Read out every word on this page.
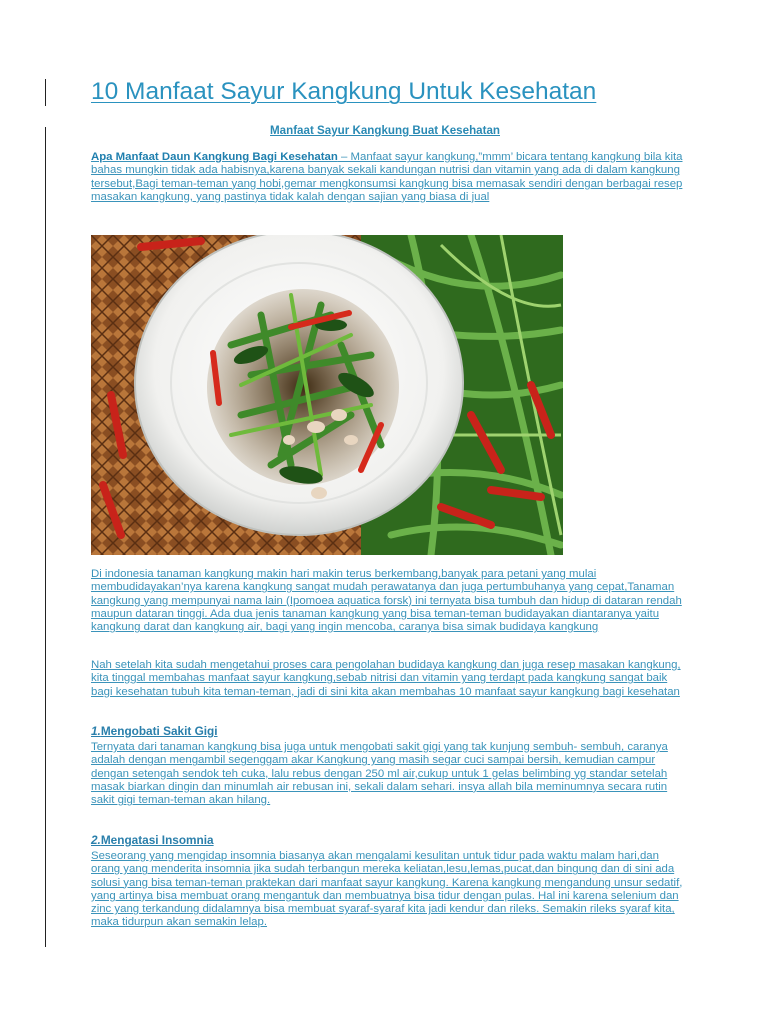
10 Manfaat Sayur Kangkung Untuk Kesehatan
Manfaat Sayur Kangkung Buat Kesehatan

Apa Manfaat Daun Kangkung Bagi Kesehatan – Manfaat sayur kangkung,”mmm’ bicara tentang kangkung bila kita bahas mungkin tidak ada habisnya,karena banyak sekali kandungan nutrisi dan vitamin yang ada di dalam kangkung tersebut,Bagi teman-teman yang hobi,gemar mengkonsumsi kangkung bisa memasak sendiri dengan berbagai resep masakan kangkung, yang pastinya tidak kalah dengan sajian yang biasa di jual

Di indonesia tanaman kangkung makin hari makin terus berkembang,banyak para petani yang mulai membudidayakan’nya karena kangkung sangat mudah perawatanya dan juga pertumbuhanya yang cepat,Tanaman kangkung yang mempunyai nama lain (Ipomoea aquatica forsk) ini ternyata bisa tumbuh dan hidup di dataran rendah maupun dataran tinggi. Ada dua jenis tanaman kangkung yang bisa teman-teman budidayakan diantaranya yaitu kangkung darat dan kangkung air, bagi yang ingin mencoba, caranya bisa simak budidaya kangkung

Nah setelah kita sudah mengetahui proses cara pengolahan budidaya kangkung dan juga resep masakan kangkung, kita tinggal membahas manfaat sayur kangkung,sebab nitrisi dan vitamin yang terdapt pada kangkung sangat baik bagi kesehatan tubuh kita teman-teman, jadi di sini kita akan membahas 10 manfaat sayur kangkung bagi kesehatan

1.Mengobati Sakit Gigi

Ternyata dari tanaman kangkung bisa juga untuk mengobati sakit gigi yang tak kunjung sembuh- sembuh, caranya adalah dengan mengambil segenggam akar Kangkung yang masih segar cuci sampai bersih, kemudian campur dengan setengah sendok teh cuka, lalu rebus dengan 250 ml air,cukup untuk 1 gelas belimbing yg standar setelah masak biarkan dingin dan minumlah air rebusan ini, sekali dalam sehari. insya allah bila meminumnya secara rutin sakit gigi teman-teman akan hilang.

2.Mengatasi Insomnia

Seseorang yang mengidap insomnia biasanya akan mengalami kesulitan untuk tidur pada waktu malam hari,dan orang yang menderita insomnia jika sudah terbangun mereka keliatan,lesu,lemas,pucat,dan bingung dan di sini ada solusi yang bisa teman-teman praktekan dari manfaat sayur kangkung. Karena kangkung mengandung unsur sedatif, yang artinya bisa membuat orang mengantuk dan membuatnya bisa tidur dengan pulas. Hal ini karena selenium dan zinc yang terkandung didalamnya bisa membuat syaraf-syaraf kita jadi kendur dan rileks. Semakin rileks syaraf kita, maka tidurpun akan semakin lelap.
